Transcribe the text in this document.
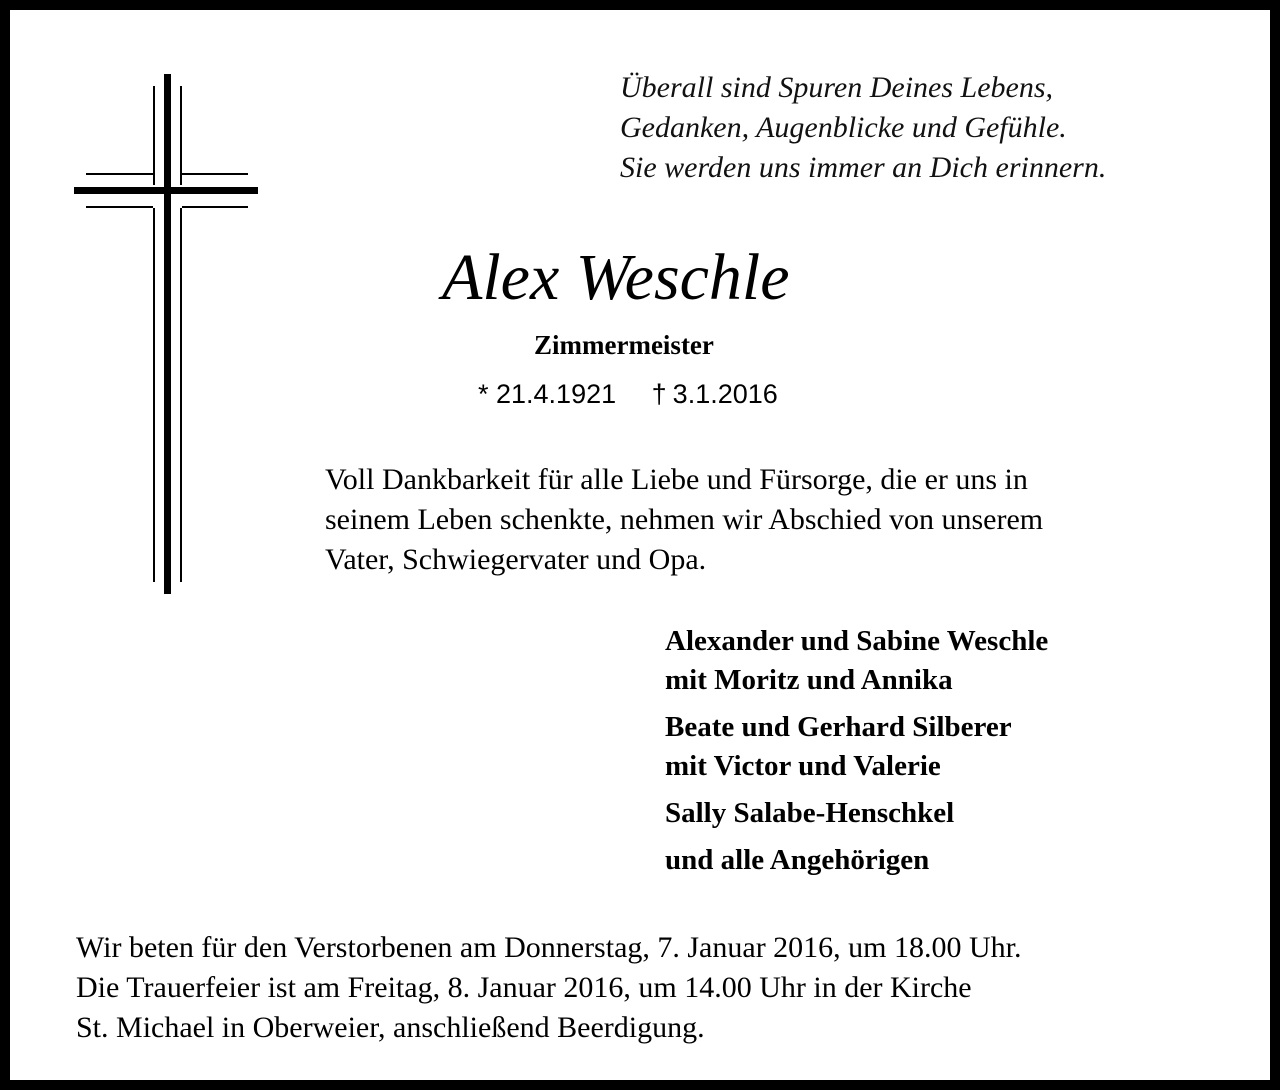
Überall sind Spuren Deines Lebens,
Gedanken, Augenblicke und Gefühle.
Sie werden uns immer an Dich erinnern.
Alex Weschle
Zimmermeister
* 21.4.1921 † 3.1.2016
Voll Dankbarkeit für alle Liebe und Fürsorge, die er uns in
seinem Leben schenkte, nehmen wir Abschied von unserem
Vater, Schwiegervater und Opa.
Alexander und Sabine Weschle
mit Moritz und Annika
Beate und Gerhard Silberer
mit Victor und Valerie
Sally Salabe-Henschkel
und alle Angehörigen
Wir beten für den Verstorbenen am Donnerstag, 7. Januar 2016, um 18.00 Uhr.
Die Trauerfeier ist am Freitag, 8. Januar 2016, um 14.00 Uhr in der Kirche
St. Michael in Oberweier, anschließend Beerdigung.
